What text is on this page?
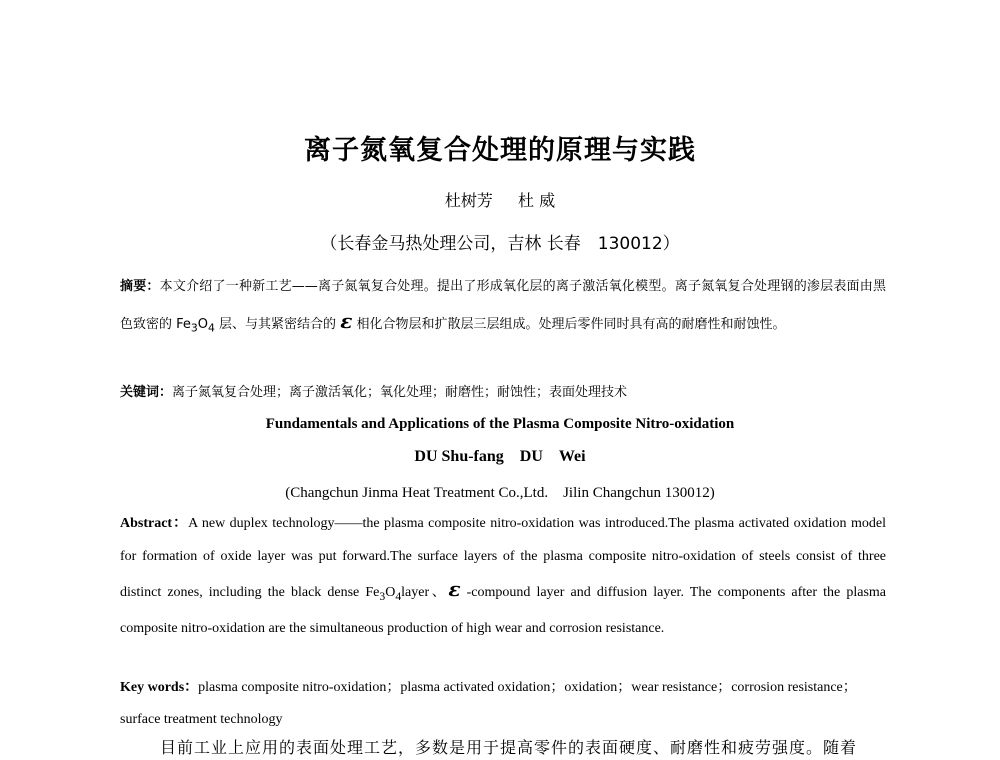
离子氮氧复合处理的原理与实践
杜树芳 杜 威
（长春金马热处理公司，吉林 长春　130012）
摘要：本文介绍了一种新工艺——离子氮氧复合处理。提出了形成氧化层的离子激活氧化模型。离子氮氧复合处理钢的渗层表面由黑色致密的 $Fe_3O_4$ 层、与其紧密结合的 ε 相化合物层和扩散层三层组成。处理后零件同时具有高的耐磨性和耐蚀性。
关键词：离子氮氧复合处理；离子激活氧化；氧化处理；耐磨性；耐蚀性；表面处理技术
Fundamentals and Applications of the Plasma Composite Nitro-oxidation
DU Shu-fang DU Wei
(Changchun Jinma Heat Treatment Co.,Ltd.　Jilin Changchun 130012)
Abstract：A new duplex technology——the plasma composite nitro-oxidation was introduced.The plasma activated oxidation model for formation of oxide layer was put forward.The surface layers of the plasma composite nitro-oxidation of steels consist of three distinct zones, including the black dense $Fe_3O_4layer$、ε -compound layer and diffusion layer. The components after the plasma composite nitro-oxidation are the simultaneous production of high wear and corrosion resistance.
Key words：plasma composite nitro-oxidation；plasma activated oxidation；oxidation；wear resistance；corrosion resistance；surface treatment technology
目前工业上应用的表面处理工艺，多数是用于提高零件的表面硬度、耐磨性和疲劳强度。随着
